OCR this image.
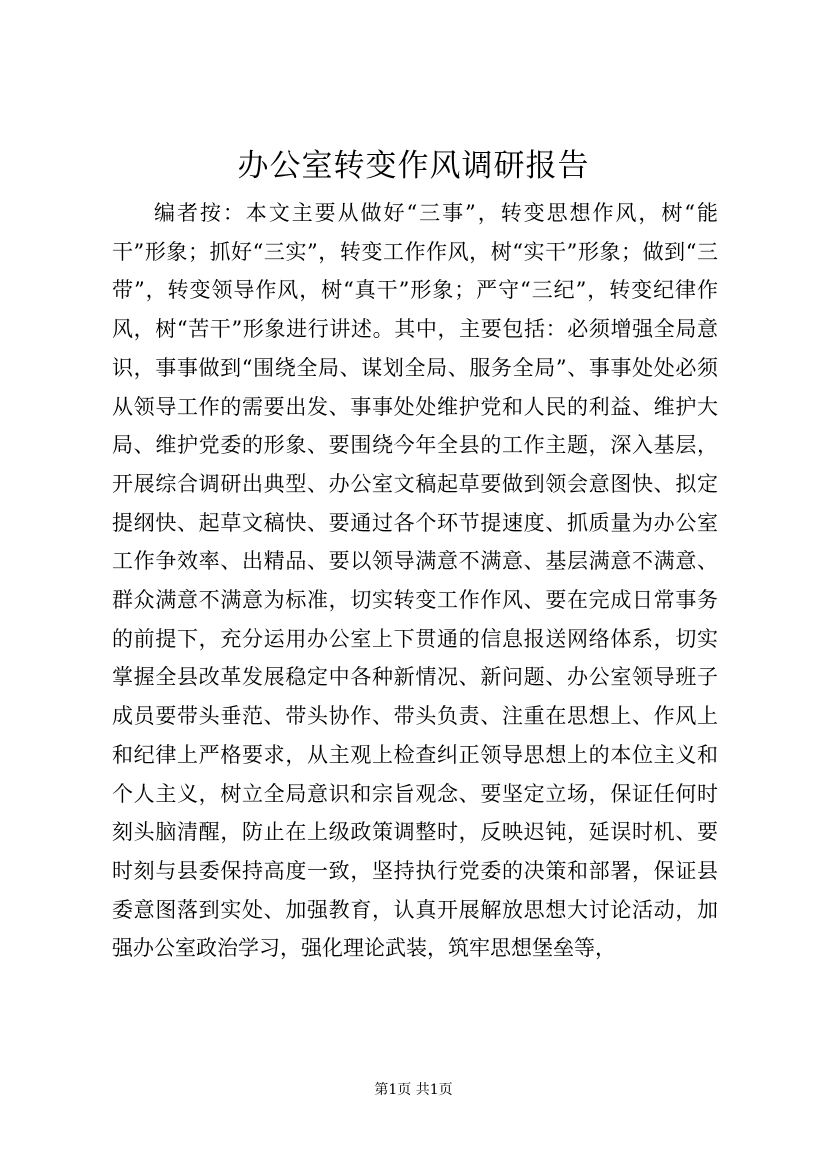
办公室转变作风调研报告

编者按：本文主要从做好“三事”，转变思想作风，树“能干”形象；抓好“三实”，转变工作作风，树“实干”形象；做到“三带”，转变领导作风，树“真干”形象；严守“三纪”，转变纪律作风，树“苦干”形象进行讲述。其中，主要包括：必须增强全局意识，事事做到“围绕全局、谋划全局、服务全局”、事事处处必须从领导工作的需要出发、事事处处维护党和人民的利益、维护大局、维护党委的形象、要围绕今年全县的工作主题，深入基层，开展综合调研出典型、办公室文稿起草要做到领会意图快、拟定提纲快、起草文稿快、要通过各个环节提速度、抓质量为办公室工作争效率、出精品、要以领导满意不满意、基层满意不满意、群众满意不满意为标准，切实转变工作作风、要在完成日常事务的前提下，充分运用办公室上下贯通的信息报送网络体系，切实掌握全县改革发展稳定中各种新情况、新问题、办公室领导班子成员要带头垂范、带头协作、带头负责、注重在思想上、作风上和纪律上严格要求，从主观上检查纠正领导思想上的本位主义和个人主义，树立全局意识和宗旨观念、要坚定立场，保证任何时刻头脑清醒，防止在上级政策调整时，反映迟钝，延误时机、要时刻与县委保持高度一致，坚持执行党委的决策和部署，保证县委意图落到实处、加强教育，认真开展解放思想大讨论活动，加强办公室政治学习，强化理论武装，筑牢思想堡垒等，

第1页 共1页
